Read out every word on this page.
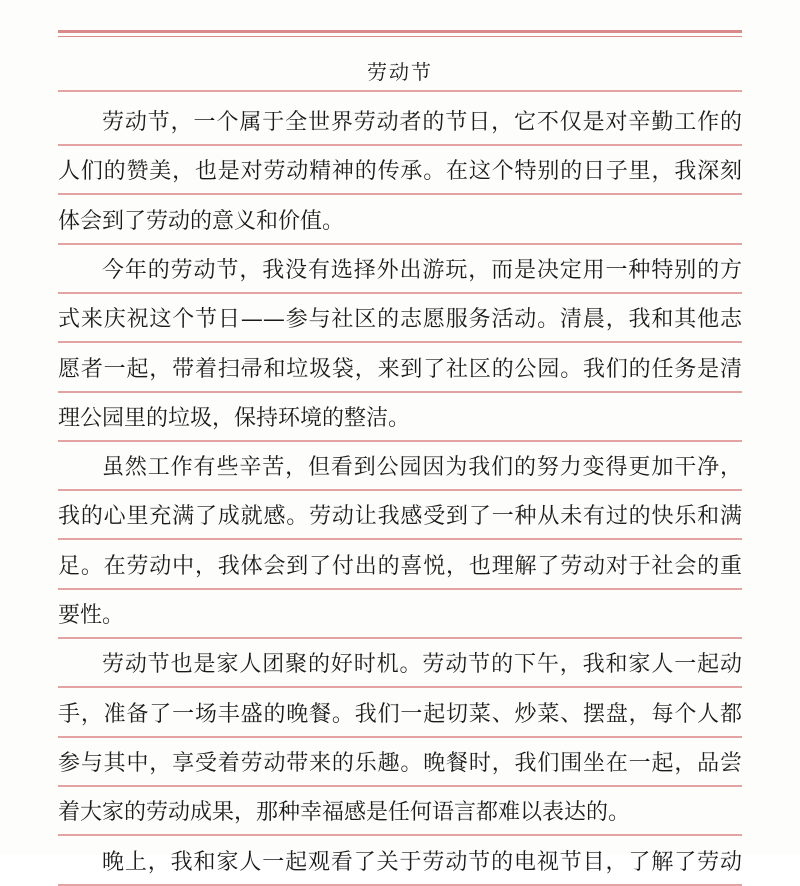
劳动节
劳动节，一个属于全世界劳动者的节日，它不仅是对辛勤工作的
人们的赞美，也是对劳动精神的传承。在这个特别的日子里，我深刻
体会到了劳动的意义和价值。
今年的劳动节，我没有选择外出游玩，而是决定用一种特别的方
式来庆祝这个节日——参与社区的志愿服务活动。清晨，我和其他志
愿者一起，带着扫帚和垃圾袋，来到了社区的公园。我们的任务是清
理公园里的垃圾，保持环境的整洁。
虽然工作有些辛苦，但看到公园因为我们的努力变得更加干净，
我的心里充满了成就感。劳动让我感受到了一种从未有过的快乐和满
足。在劳动中，我体会到了付出的喜悦，也理解了劳动对于社会的重
要性。
劳动节也是家人团聚的好时机。劳动节的下午，我和家人一起动
手，准备了一场丰盛的晚餐。我们一起切菜、炒菜、摆盘，每个人都
参与其中，享受着劳动带来的乐趣。晚餐时，我们围坐在一起，品尝
着大家的劳动成果，那种幸福感是任何语言都难以表达的。
晚上，我和家人一起观看了关于劳动节的电视节目，了解了劳动
